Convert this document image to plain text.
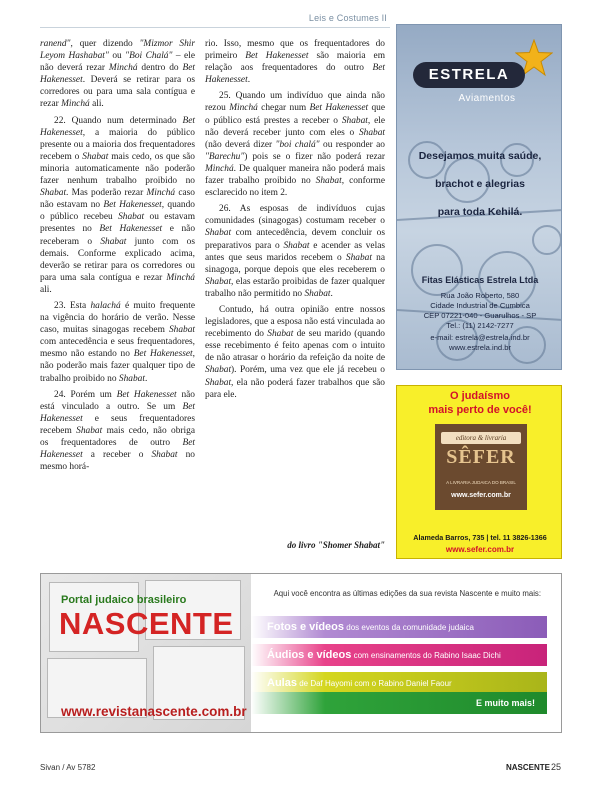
Leis e Costumes II

ranend", quer dizendo "Mizmor Shir Leyom Hashabat" ou "Boi Chalá" – ele não deverá rezar Minchá dentro do Bet Hakenesset. Deverá se retirar para os corredores ou para uma sala contígua e rezar Minchá ali.

22. Quando num determinado Bet Hakenesset, a maioria do público presente ou a maioria dos frequentadores recebem o Shabat mais cedo, os que são minoria automaticamente não poderão fazer nenhum trabalho proibido no Shabat. Mas poderão rezar Minchá caso não estavam no Bet Hakenesset, quando o público recebeu Shabat ou estavam presentes no Bet Hakenesset e não receberam o Shabat junto com os demais. Conforme explicado acima, deverão se retirar para os corredores ou para uma sala contígua e rezar Minchá ali.

23. Esta halachá é muito frequente na vigência do horário de verão. Nesse caso, muitas sinagogas recebem Shabat com antecedência e seus frequentadores, mesmo não estando no Bet Hakenesset, não poderão mais fazer qualquer tipo de trabalho proibido no Shabat.

24. Porém um Bet Hakenesset não está vinculado a outro. Se um Bet Hakenesset e seus frequentadores recebem Shabat mais cedo, não obriga os frequentadores de outro Bet Hakenesset a receber o Shabat no mesmo horá-

rio. Isso, mesmo que os frequentadores do primeiro Bet Hakenesset são maioria em relação aos frequentadores do outro Bet Hakenesset.

25. Quando um indivíduo que ainda não rezou Minchá chegar num Bet Hakenesset que o público está prestes a receber o Shabat, ele não deverá receber junto com eles o Shabat (não deverá dizer "boi chalá" ou responder ao "Barechu") pois se o fizer não poderá rezar Minchá. De qualquer maneira não poderá mais fazer trabalho proibido no Shabat, conforme esclarecido no item 2.

26. As esposas de indivíduos cujas comunidades (sinagogas) costumam receber o Shabat com antecedência, devem concluir os preparativos para o Shabat e acender as velas antes que seus maridos recebem o Shabat na sinagoga, porque depois que eles receberem o Shabat, elas estarão proibidas de fazer qualquer trabalho não permitido no Shabat.

Contudo, há outra opinião entre nossos legisladores, que a esposa não está vinculada ao recebimento do Shabat de seu marido (quando esse recebimento é feito apenas com o intuito de não atrasar o horário da refeição da noite de Shabat). Porém, uma vez que ele já recebeu o Shabat, ela não poderá fazer trabalhos que são para ele.

do livro "Shomer Shabat"
ESTRELA
Aviamentos
Desejamos muita saúde,
brachot e alegrias
para toda Kehilá.
Fitas Elásticas Estrela Ltda
Rua João Roberto, 580
Cidade Industrial de Cumbica
CEP 07221-040 - Guarulhos - SP
Tel.: (11) 2142-7277
e-mail: estrela@estrela.ind.br
www.estrela.ind.br
O judaísmo
mais perto de você!
editora & livraria
SÊFER
A LIVRARIA JUDAICA DO BRASIL
www.sefer.com.br
Alameda Barros, 735 | tel. 11 3826-1366
www.sefer.com.br
Portal judaico brasileiro
NASCENTE
Aqui você encontra as últimas edições da sua revista Nascente e muito mais:
Fotos e vídeos dos eventos da comunidade judaica
Áudios e vídeos com ensinamentos do Rabino Isaac Dichi
Aulas de Daf Hayomi com o Rabino Daniel Faour
E muito mais!
www.revistanascente.com.br
Sivan / Av 5782	NASCENTE 25
